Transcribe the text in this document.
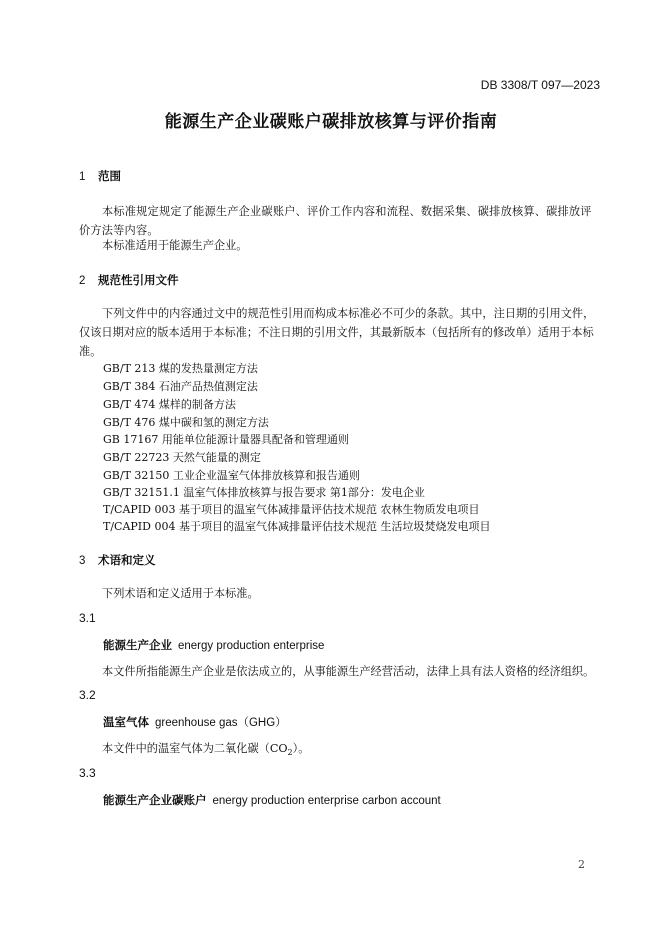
DB 3308/T 097—2023
能源生产企业碳账户碳排放核算与评价指南
1 范围
本标准规定规定了能源生产企业碳账户、评价工作内容和流程、数据采集、碳排放核算、碳排放评价方法等内容。
本标准适用于能源生产企业。
2 规范性引用文件
下列文件中的内容通过文中的规范性引用而构成本标准必不可少的条款。其中，注日期的引用文件，仅该日期对应的版本适用于本标准；不注日期的引用文件，其最新版本（包括所有的修改单）适用于本标准。
GB/T 213 煤的发热量测定方法
GB/T 384 石油产品热值测定法
GB/T 474 煤样的制备方法
GB/T 476 煤中碳和氢的测定方法
GB 17167 用能单位能源计量器具配备和管理通则
GB/T 22723 天然气能量的测定
GB/T 32150 工业企业温室气体排放核算和报告通则
GB/T 32151.1 温室气体排放核算与报告要求 第1部分：发电企业
T/CAPID 003 基于项目的温室气体减排量评估技术规范 农林生物质发电项目
T/CAPID 004 基于项目的温室气体减排量评估技术规范 生活垃圾焚烧发电项目
3 术语和定义
下列术语和定义适用于本标准。
3.1
能源生产企业 energy production enterprise
本文件所指能源生产企业是依法成立的，从事能源生产经营活动，法律上具有法人资格的经济组织。
3.2
温室气体 greenhouse gas（GHG）
本文件中的温室气体为二氧化碳$(CO_2)$。
3.3
能源生产企业碳账户 energy production enterprise carbon account
2
